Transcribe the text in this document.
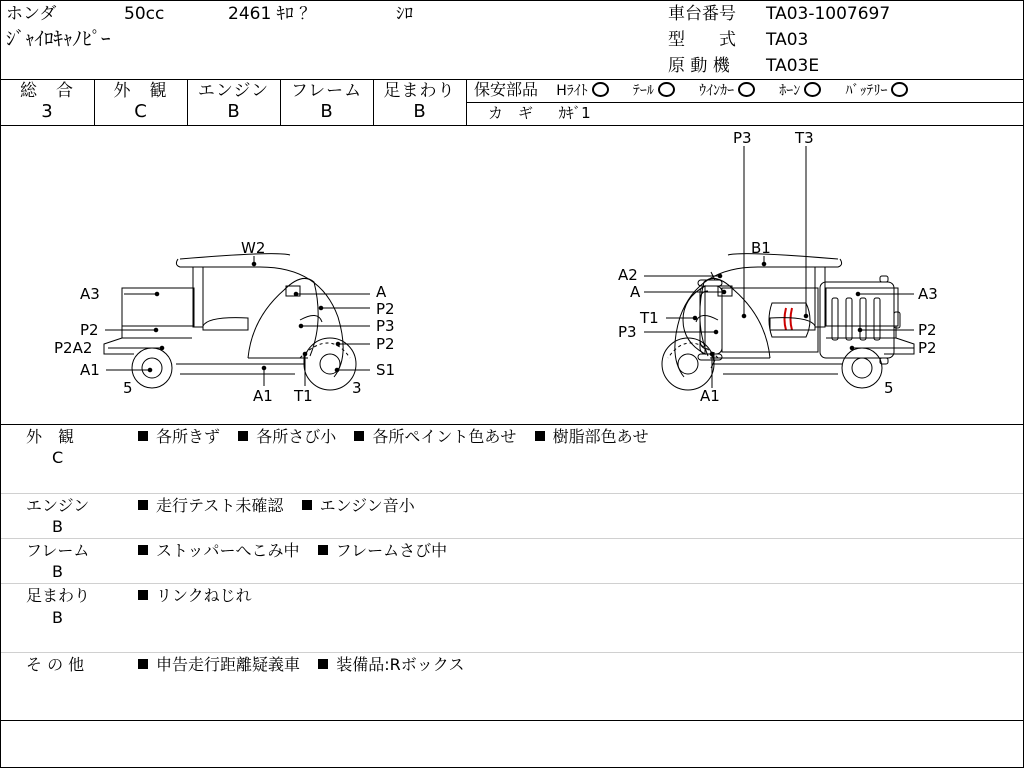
ホンダ	50cc	2461 ｷﾛ ？	ｼﾛ
ｼﾞｬｲﾛｷｬﾉﾋﾟｰ
車台番号 TA03-1007697
型　　式 TA03
原 動 機 TA03E
総　合
3
外　観
C
エンジン
B
フレーム
B
足まわり
B
保安部品 Hﾗｲﾄ	ﾃｰﾙ	ｳｲﾝｶｰ	ﾎｰﾝ	ﾊﾞｯﾃﾘｰ
カ　ギ ｶｷﾞ1
T1
P3	T3
W2
A3	A
P2
P3
P2
P2
P2A2
A1	S1
5	A1 T1	3
B1
A2
A	A3
P3	P2
P2
A1	5
外　観
C
各所きず 各所さび小 各所ペイント色あせ 樹脂部色あせ
エンジン
B
走行テスト未確認 エンジン音小
フレーム
B
ストッパーへこみ中 フレームさび中
足まわり
B
リンクねじれ
そ の 他	申告走行距離疑義車 装備品:Rボックス
